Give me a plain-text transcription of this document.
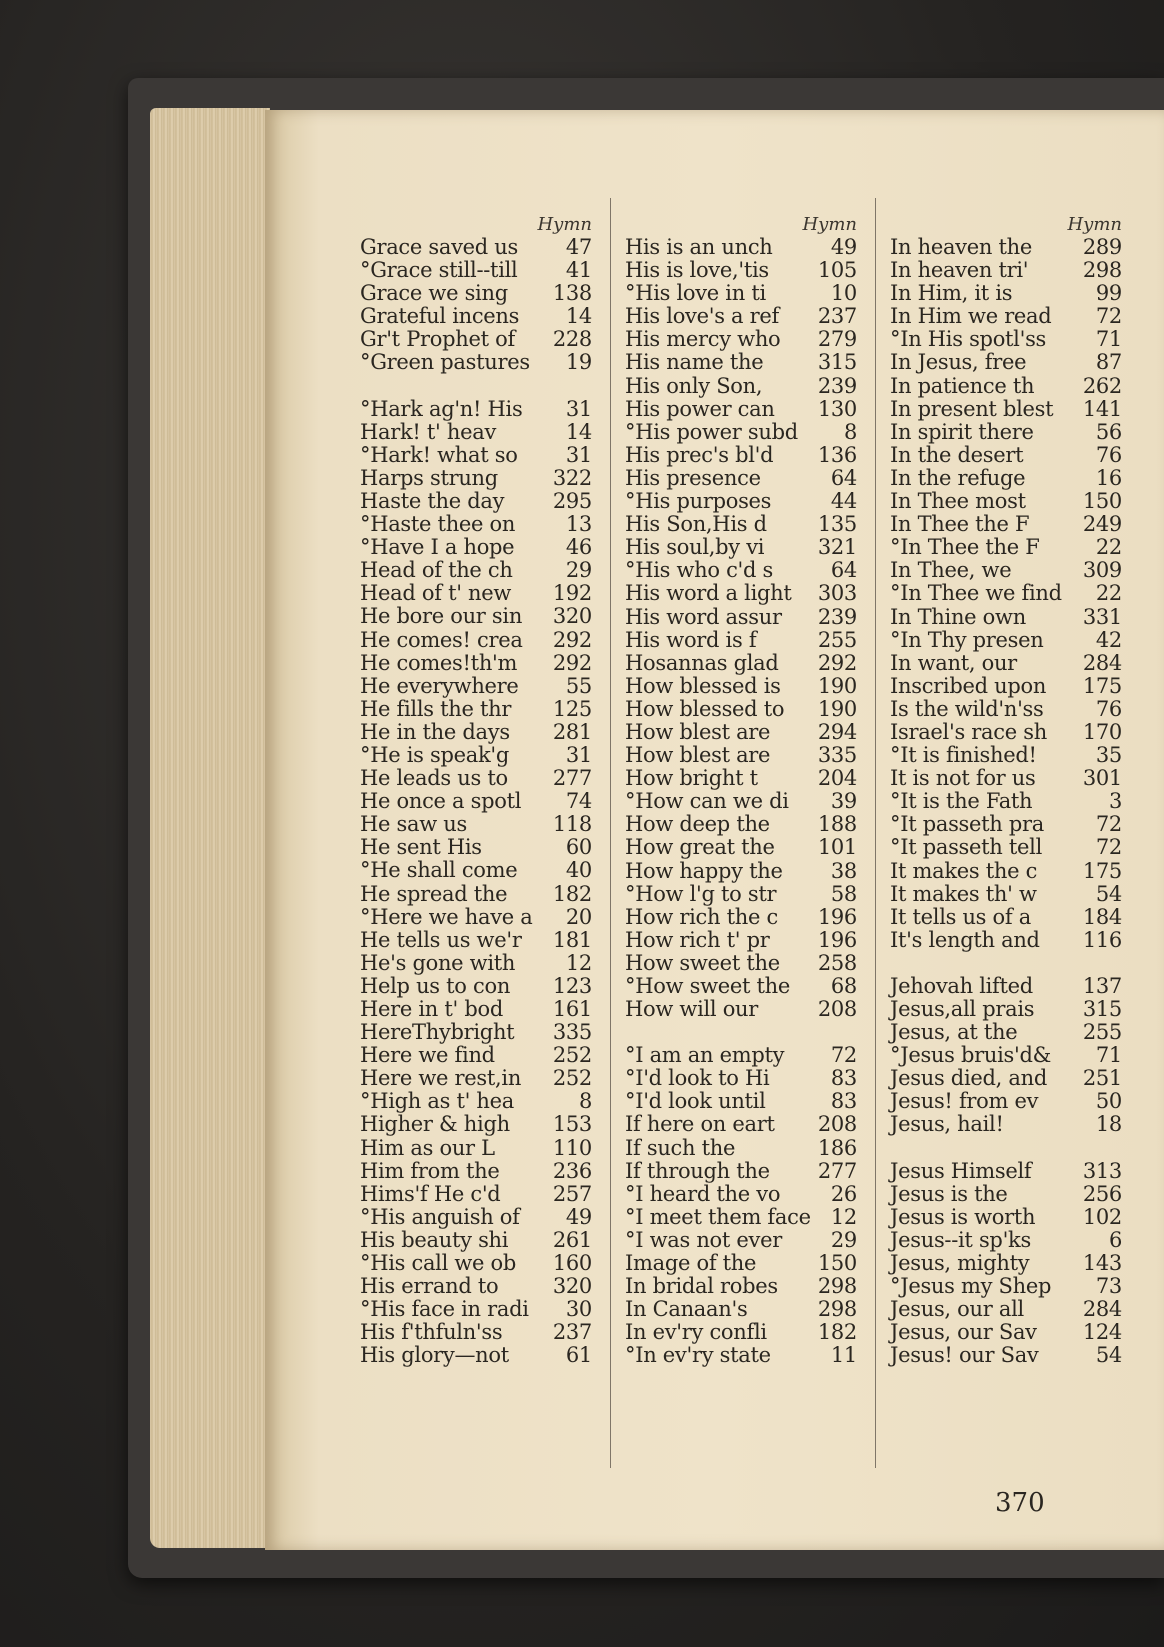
Hymn
Grace saved us 47
°Grace still--till 41
Grace we sing 138
Grateful incens 14
Gr't Prophet of 228
°Green pastures 19
°Hark ag'n! His 31
Hark! t' heav	14
°Hark! what so 31
Harps strung	322
Haste the day 295
°Haste thee on 13
°Have I a hope 46
Head of the ch	29
Head of t' new 192
He bore our sin 320
He comes! crea 292
He comes!th'm 292
He everywhere 55
He fills the thr 125
He in the days 281
°He is speak'g	31
He leads us to 277
He once a spotl 74
He saw us	118
He sent His	60
°He shall come 40
He spread the 182
°Here we have a 20
He tells us we'r 181
He's gone with 12
Help us to con 123
Here in t' bod 161
HereThybright 335
Here we find	252
Here we rest,in 252
°High as t' hea	8
Higher & high 153
Him as our L	110
Him from the	236
Hims'f He c'd 257
°His anguish of 49
His beauty shi 261
°His call we ob 160
His errand to	320
°His face in radi 30
His f'thfuln'ss 237
His glory—not	61
Hymn
His is an unch	49
His is love,'tis 105
°His love in ti	10
His love's a ref 237
His mercy who 279
His name the	315
His only Son,	239
His power can 130
°His power subd 8
His prec's bl'd 136
His presence	64
°His purposes	44
His Son,His d 135
His soul,by vi	321
°His who c'd s	64
His word a light 303
His word assur 239
His word is f	255
Hosannas glad 292
How blessed is 190
How blessed to 190
How blest are 294
How blest are 335
How bright t	204
°How can we di 39
How deep the 188
How great the 101
How happy the 38
°How l'g to str	58
How rich the c 196
How rich t' pr 196
How sweet the 258
°How sweet the 68
How will our	208
°I am an empty 72
°I'd look to Hi	83
°I'd look until	83
If here on eart 208
If such the	186
If through the 277
°I heard the vo 26
°I meet them face 12
°I was not ever 29
Image of the	150
In bridal robes 298
In Canaan's	298
In ev'ry confli 182
°In ev'ry state	11
Hymn
In heaven the 289
In heaven tri'	298
In Him, it is	99
In Him we read 72
°In His spotl'ss 71
In Jesus, free	87
In patience th 262
In present blest 141
In spirit there	56
In the desert	76
In the refuge	16
In Thee most	150
In Thee the F	249
°In Thee the F	22
In Thee, we	309
°In Thee we find 22
In Thine own	331
°In Thy presen 42
In want, our	284
Inscribed upon 175
Is the wild'n'ss 76
Israel's race sh 170
°It is finished!	35
It is not for us 301
°It is the Fath	3
°It passeth pra 72
°It passeth tell	72
It makes the c 175
It makes th' w	54
It tells us of a 184
It's length and 116
Jehovah lifted 137
Jesus,all prais 315
Jesus, at the	255
°Jesus bruis'd& 71
Jesus died, and 251
Jesus! from ev	50
Jesus, hail!	18
Jesus Himself 313
Jesus is the	256
Jesus is worth 102
Jesus--it sp'ks	6
Jesus, mighty	143
°Jesus my Shep 73
Jesus, our all	284
Jesus, our Sav 124
Jesus! our Sav	54
370
